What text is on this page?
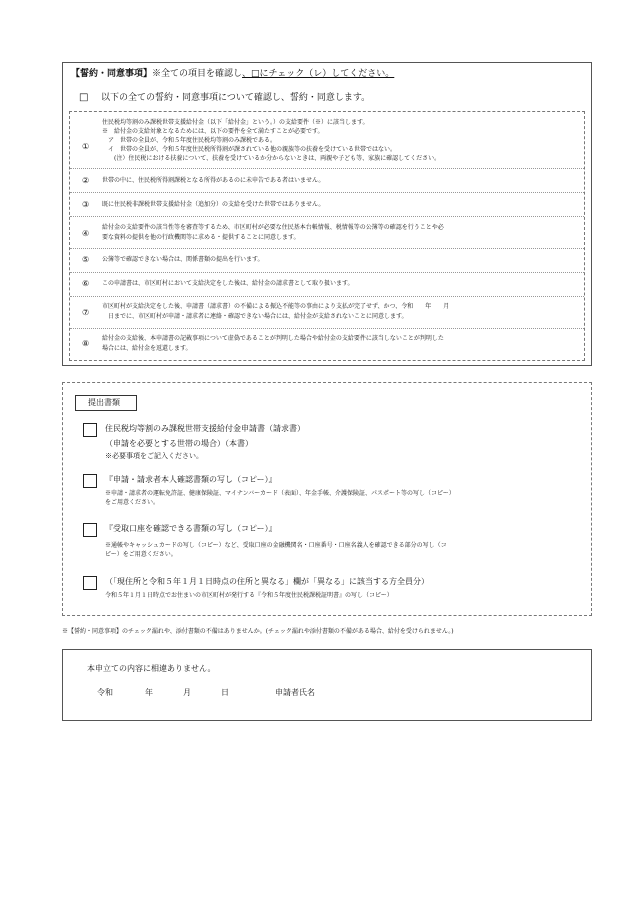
【誓約・同意事項】※全ての項目を確認し、□にチェック（レ）してください。
□ 以下の全ての誓約・同意事項について確認し、誓約・同意します。
①
住民税均等割のみ課税世帯支援給付金（以下「給付金」という。）の支給要件（※）に該当します。
※　給付金の支給対象となるためには、以下の要件を全て満たすことが必要です。
　ア　世帯の全員が、令和５年度住民税均等割のみ課税である。
　イ　世帯の全員が、令和５年度住民税所得割が課されている他の親族等の扶養を受けている世帯ではない。
　　(注）住民税における扶養について、扶養を受けているか分からないときは、両親や子ども等、家族に確認してください。
② 世帯の中に、住民税所得割課税となる所得があるのに未申告である者はいません。
③ 既に住民税非課税世帯支援給付金（追加分）の支給を受けた世帯ではありません。
④
給付金の支給要件の該当性等を審査等するため、市区町村が必要な住民基本台帳情報、税情報等の公簿等の確認を行うことや必
要な資料の提供を他の行政機関等に求める・提供することに同意します。
⑤ 公簿等で確認できない場合は、関係書類の提出を行います。
⑥ この申請書は、市区町村において支給決定をした後は、給付金の請求書として取り扱います。
⑦
市区町村が支給決定をした後、申請書（請求書）の不備による振込不能等の事由により支払が完了せず、かつ、令和　　年　　月
　日までに、市区町村が申請・請求者に連絡・確認できない場合には、給付金が支給されないことに同意します。
⑧
給付金の支給後、本申請書の記載事項について虚偽であることが判明した場合や給付金の支給要件に該当しないことが判明した
場合には、給付金を返還します。
提出書類
住民税均等割のみ課税世帯支援給付金申請書（請求書）
（申請を必要とする世帯の場合）（本書）
※必要事項をご記入ください。
『申請・請求者本人確認書類の写し（コピー）』
※申請・請求者の運転免許証、健康保険証、マイナンバーカード（表面）、年金手帳、介護保険証、パスポート等の写し（コピー）
をご用意ください。
『受取口座を確認できる書類の写し（コピー）』
※通帳やキャッシュカードの写し（コピー）など、受取口座の金融機関名・口座番号・口座名義人を確認できる部分の写し（コ
ピー）をご用意ください。
（「現住所と令和５年１月１日時点の住所と異なる」欄が「異なる」に該当する方全員分）
令和５年１月１日時点でお住まいの市区町村が発行する『令和５年度住民税課税証明書』の写し（コピー）
※【誓約・同意事項】のチェック漏れや、添付書類の不備はありませんか。(チェック漏れや添付書類の不備がある場合、給付を受けられません。)
本申立ての内容に相違ありません。
令和	年	月	日	申請者氏名
